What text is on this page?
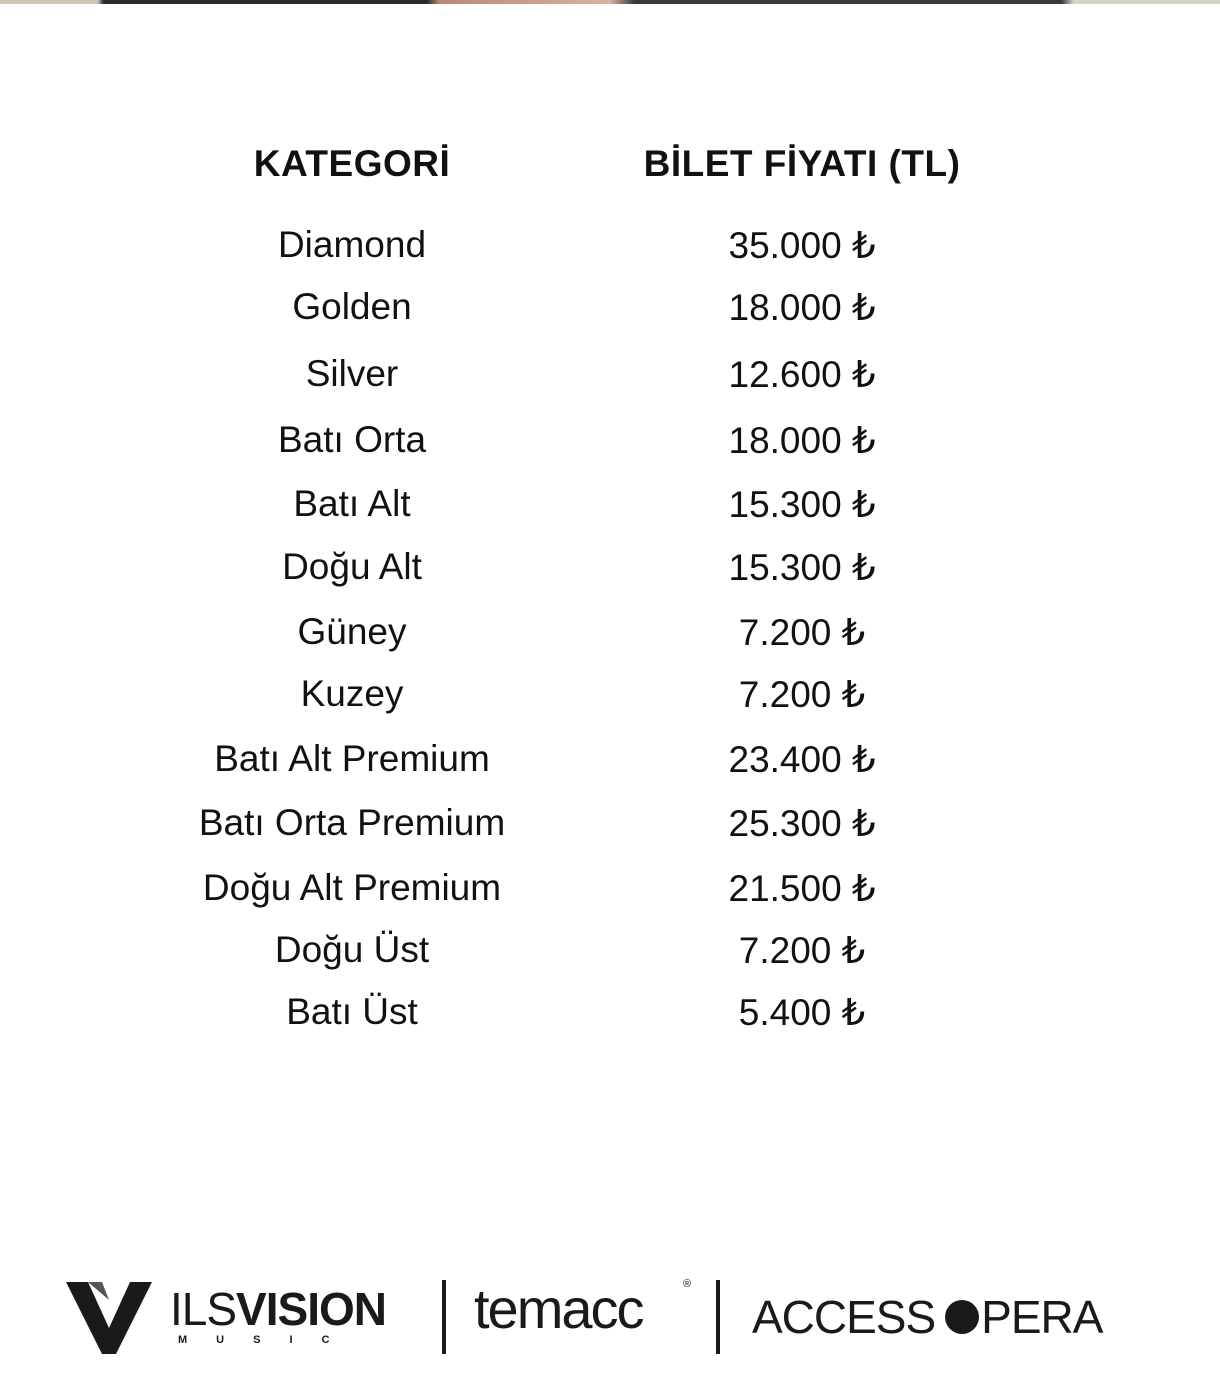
KATEGORİ	BİLET FİYATI (TL)
Diamond	35.000 ₺
Golden	18.000 ₺
Silver	12.600 ₺
Batı Orta	18.000 ₺
Batı Alt	15.300 ₺
Doğu Alt	15.300 ₺
Güney	7.200 ₺
Kuzey	7.200 ₺
Batı Alt Premium	23.400 ₺
Batı Orta Premium	25.300 ₺
Doğu Alt Premium	21.500 ₺
Doğu Üst	7.200 ₺
Batı Üst	5.400 ₺
ILSVISION
MUSIC temacc	®
ACCESS PERA
